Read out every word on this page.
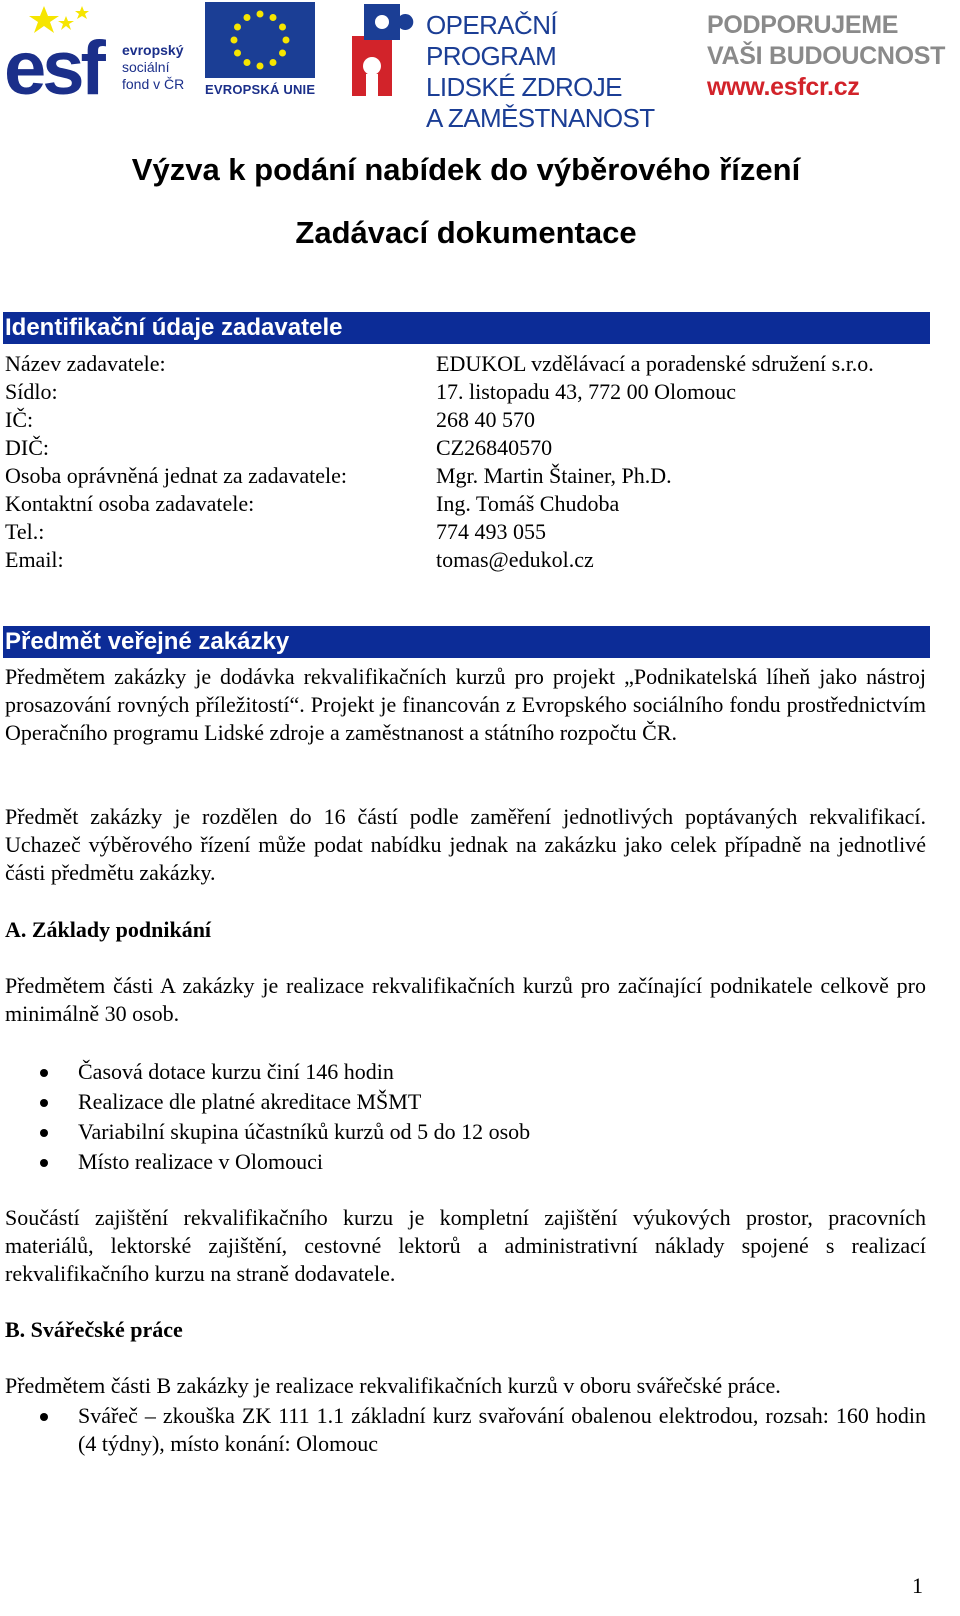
esf	evropský
sociální
fond v ČR EVROPSKÁ UNIE
OPERAČNÍ PROGRAM
LIDSKÉ ZDROJE
A ZAMĚSTNANOST
PODPORUJEME
VAŠI BUDOUCNOST
www.esfcr.cz
Výzva k podání nabídek do výběrového řízení
Zadávací dokumentace
Identifikační údaje zadavatele
Název zadavatele:	EDUKOL vzdělávací a poradenské sdružení s.r.o.
Sídlo:	17. listopadu 43, 772 00 Olomouc
IČ:	268 40 570
DIČ:	CZ26840570
Osoba oprávněná jednat za zadavatele:	Mgr. Martin Štainer, Ph.D.
Kontaktní osoba zadavatele:	Ing. Tomáš Chudoba
Tel.:	774 493 055
Email:	tomas@edukol.cz
Předmět veřejné zakázky
Předmětem zakázky je dodávka rekvalifikačních kurzů pro projekt „Podnikatelská líheň jako nástroj prosazování rovných příležitostí“. Projekt je financován z Evropského sociálního fondu prostřednictvím Operačního programu Lidské zdroje a zaměstnanost a státního rozpočtu ČR.
Předmět zakázky je rozdělen do 16 částí podle zaměření jednotlivých poptávaných rekvalifikací. Uchazeč výběrového řízení může podat nabídku jednak na zakázku jako celek případně na jednotlivé části předmětu zakázky.
A. Základy podnikání
Předmětem části A zakázky je realizace rekvalifikačních kurzů pro začínající podnikatele celkově pro minimálně 30 osob.
Časová dotace kurzu činí 146 hodin
Realizace dle platné akreditace MŠMT
Variabilní skupina účastníků kurzů od 5 do 12 osob
Místo realizace v Olomouci
Součástí zajištění rekvalifikačního kurzu je kompletní zajištění výukových prostor, pracovních materiálů, lektorské zajištění, cestovné lektorů a administrativní náklady spojené s realizací rekvalifikačního kurzu na straně dodavatele.
B. Svářečské práce
Předmětem části B zakázky je realizace rekvalifikačních kurzů v oboru svářečské práce.
Svářeč – zkouška ZK 111 1.1 základní kurz svařování obalenou elektrodou, rozsah: 160 hodin (4 týdny), místo konání: Olomouc
1
